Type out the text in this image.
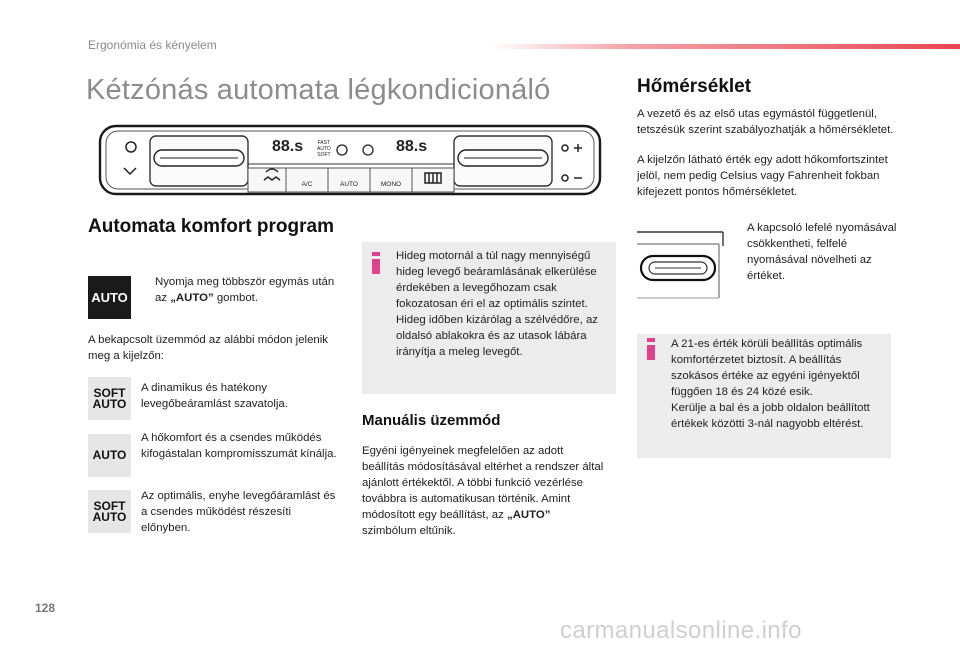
Ergonómia és kényelem
Kétzónás automata légkondicionáló
88.s	FAST
AUTO
SOFT	88.s
A/C	AUTO	MONO
Automata komfort program
AUTO
Nyomja meg többször egymás után az „AUTO” gombot.
A bekapcsolt üzemmód az alábbi módon jelenik meg a kijelzőn:
SOFT
AUTO
A dinamikus és hatékony levegőbeáramlást szavatolja.
AUTO
A hőkomfort és a csendes működés kifogástalan kompromisszumát kínálja.
SOFT
AUTO
Az optimális, enyhe levegőáramlást és a csendes működést részesíti előnyben.
Hideg motornál a túl nagy mennyiségű hideg levegő beáramlásának elkerülése érdekében a levegőhozam csak fokozatosan éri el az optimális szintet.
Hideg időben kizárólag a szélvédőre, az oldalsó ablakokra és az utasok lábára irányítja a meleg levegőt.
Manuális üzemmód
Egyéni igényeinek megfelelően az adott beállítás módosításával eltérhet a rendszer által ajánlott értékektől. A többi funkció vezérlése továbbra is automatikusan történik. Amint módosított egy beállítást, az „AUTO” szimbólum eltűnik.
Hőmérséklet
A vezető és az első utas egymástól függetlenül, tetszésük szerint szabályozhatják a hőmérsékletet.
A kijelzőn látható érték egy adott hőkomfortszintet jelöl, nem pedig Celsius vagy Fahrenheit fokban kifejezett pontos hőmérsékletet.
A kapcsoló lefelé nyomásával csökkentheti, felfelé nyomásával növelheti az értéket.
A 21-es érték körüli beállítás optimális komfortérzetet biztosít. A beállítás szokásos értéke az egyéni igényektől függően 18 és 24 közé esik.
Kerülje a bal és a jobb oldalon beállított értékek közötti 3-nál nagyobb eltérést.
128
carmanualsonline.info
